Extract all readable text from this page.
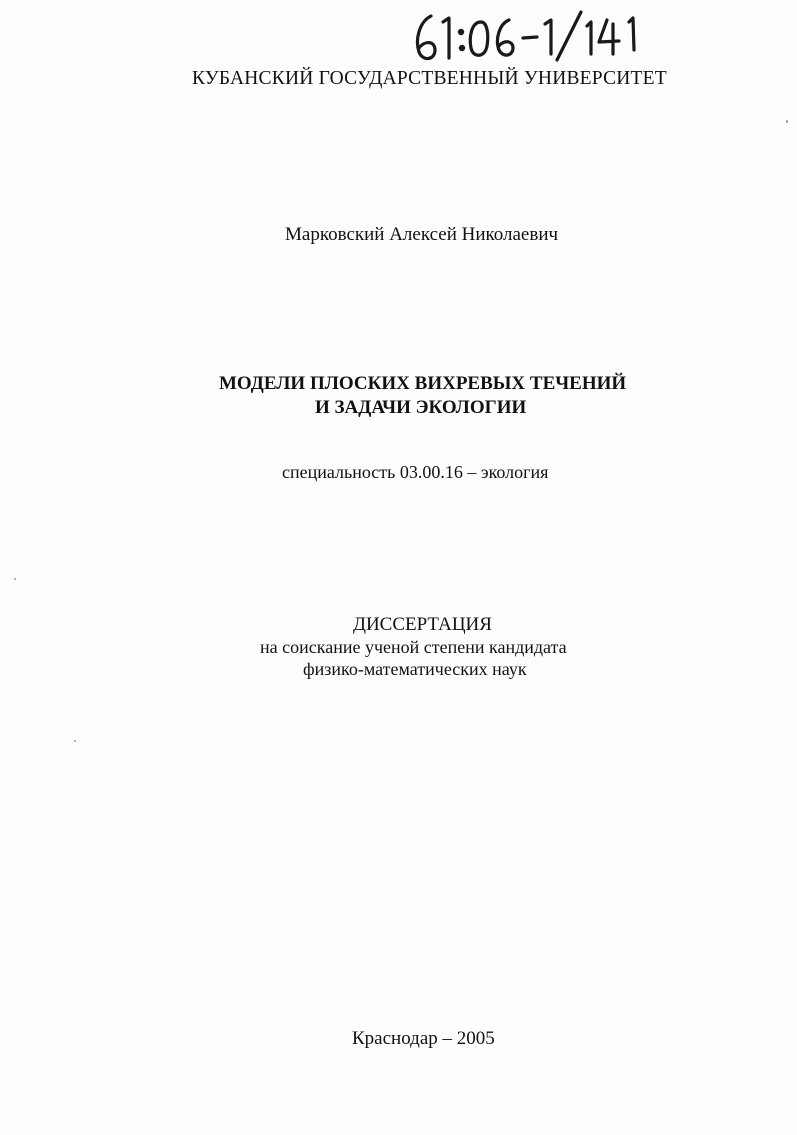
КУБАНСКИЙ ГОСУДАРСТВЕННЫЙ УНИВЕРСИТЕТ
Марковский Алексей Николаевич
МОДЕЛИ ПЛОСКИХ ВИХРЕВЫХ ТЕЧЕНИЙ
И ЗАДАЧИ ЭКОЛОГИИ
специальность 03.00.16 – экология
ДИССЕРТАЦИЯ
на соискание ученой степени кандидата
физико-математических наук
Краснодар – 2005
